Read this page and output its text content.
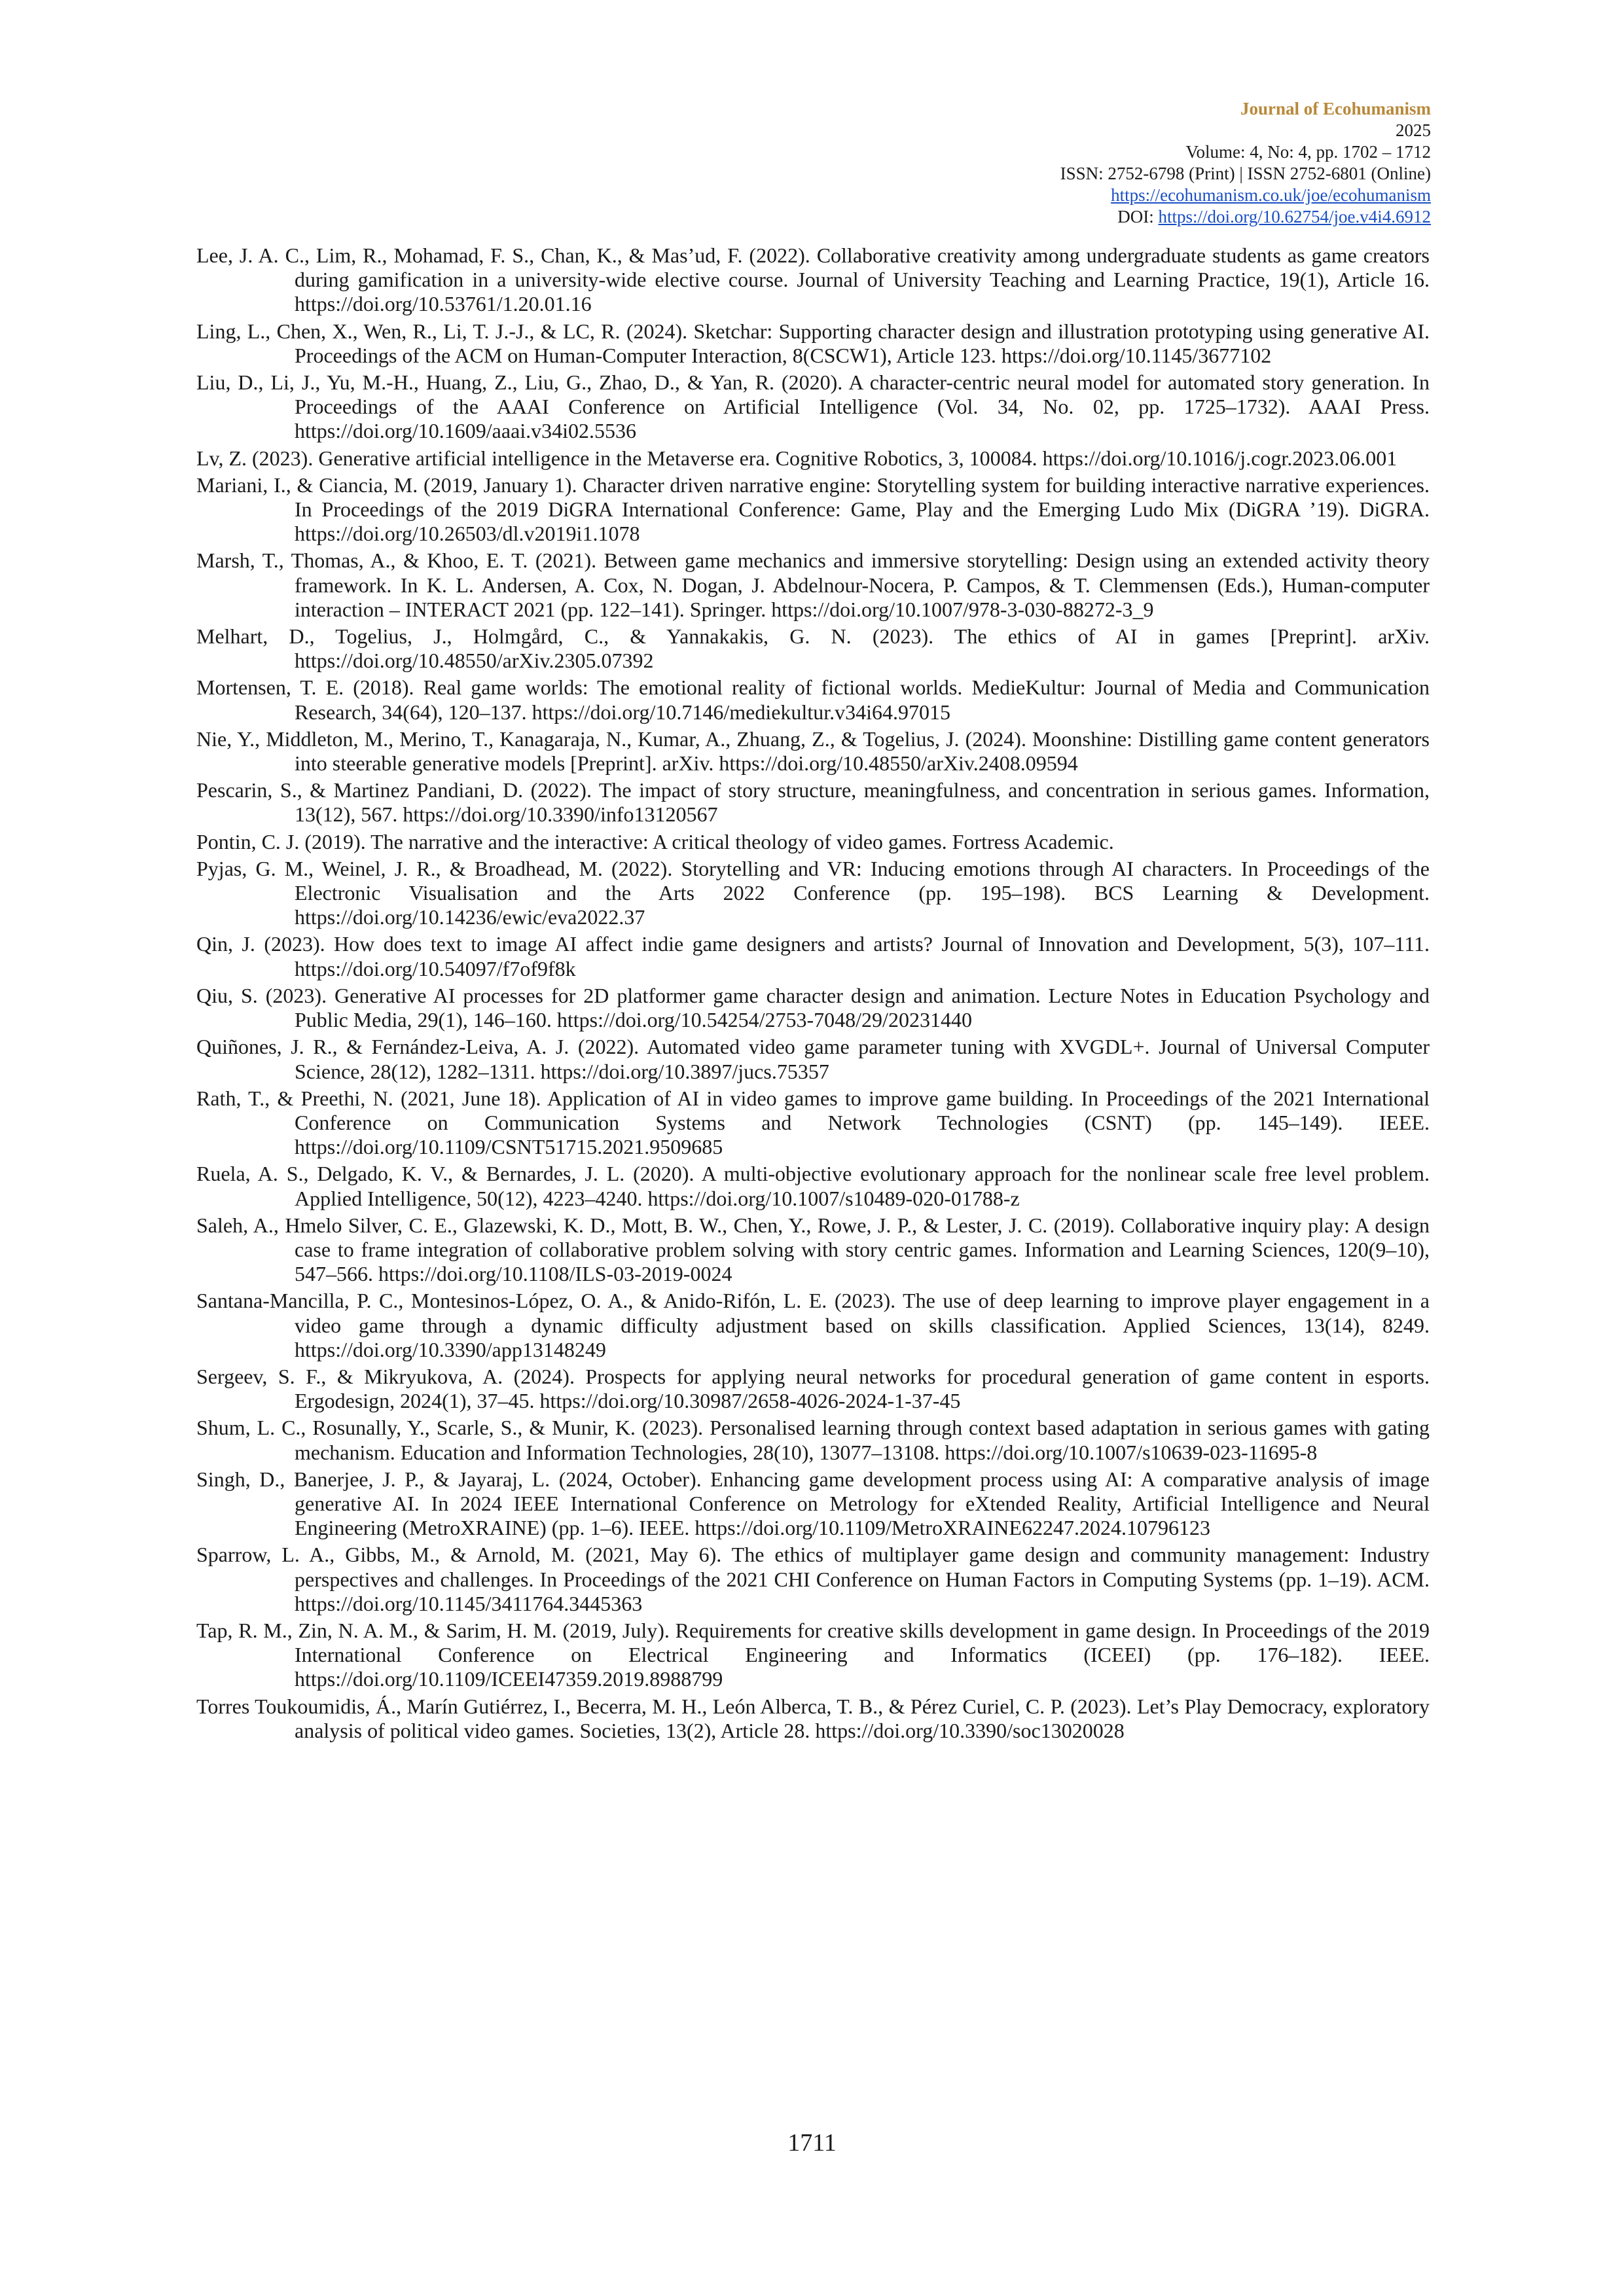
Journal of Ecohumanism
2025
Volume: 4, No: 4, pp. 1702 – 1712
ISSN: 2752-6798 (Print) | ISSN 2752-6801 (Online)
https://ecohumanism.co.uk/joe/ecohumanism
DOI: https://doi.org/10.62754/joe.v4i4.6912

Lee, J. A. C., Lim, R., Mohamad, F. S., Chan, K., & Mas’ud, F. (2022). Collaborative creativity among undergraduate students as game creators during gamification in a university-wide elective course. Journal of University Teaching and Learning Practice, 19(1), Article 16. https://doi.org/10.53761/1.20.01.16

Ling, L., Chen, X., Wen, R., Li, T. J.-J., & LC, R. (2024). Sketchar: Supporting character design and illustration prototyping using generative AI. Proceedings of the ACM on Human-Computer Interaction, 8(CSCW1), Article 123. https://doi.org/10.1145/3677102

Liu, D., Li, J., Yu, M.-H., Huang, Z., Liu, G., Zhao, D., & Yan, R. (2020). A character-centric neural model for automated story generation. In Proceedings of the AAAI Conference on Artificial Intelligence (Vol. 34, No. 02, pp. 1725–1732). AAAI Press. https://doi.org/10.1609/aaai.v34i02.5536

Lv, Z. (2023). Generative artificial intelligence in the Metaverse era. Cognitive Robotics, 3, 100084. https://doi.org/10.1016/j.cogr.2023.06.001

Mariani, I., & Ciancia, M. (2019, January 1). Character driven narrative engine: Storytelling system for building interactive narrative experiences. In Proceedings of the 2019 DiGRA International Conference: Game, Play and the Emerging Ludo Mix (DiGRA ’19). DiGRA. https://doi.org/10.26503/dl.v2019i1.1078

Marsh, T., Thomas, A., & Khoo, E. T. (2021). Between game mechanics and immersive storytelling: Design using an extended activity theory framework. In K. L. Andersen, A. Cox, N. Dogan, J. Abdelnour-Nocera, P. Campos, & T. Clemmensen (Eds.), Human-computer interaction – INTERACT 2021 (pp. 122–141). Springer. https://doi.org/10.1007/978-3-030-88272-3_9

Melhart, D., Togelius, J., Holmgård, C., & Yannakakis, G. N. (2023). The ethics of AI in games [Preprint]. arXiv. https://doi.org/10.48550/arXiv.2305.07392

Mortensen, T. E. (2018). Real game worlds: The emotional reality of fictional worlds. MedieKultur: Journal of Media and Communication Research, 34(64), 120–137. https://doi.org/10.7146/mediekultur.v34i64.97015

Nie, Y., Middleton, M., Merino, T., Kanagaraja, N., Kumar, A., Zhuang, Z., & Togelius, J. (2024). Moonshine: Distilling game content generators into steerable generative models [Preprint]. arXiv. https://doi.org/10.48550/arXiv.2408.09594

Pescarin, S., & Martinez Pandiani, D. (2022). The impact of story structure, meaningfulness, and concentration in serious games. Information, 13(12), 567. https://doi.org/10.3390/info13120567

Pontin, C. J. (2019). The narrative and the interactive: A critical theology of video games. Fortress Academic.

Pyjas, G. M., Weinel, J. R., & Broadhead, M. (2022). Storytelling and VR: Inducing emotions through AI characters. In Proceedings of the Electronic Visualisation and the Arts 2022 Conference (pp. 195–198). BCS Learning & Development. https://doi.org/10.14236/ewic/eva2022.37

Qin, J. (2023). How does text to image AI affect indie game designers and artists? Journal of Innovation and Development, 5(3), 107–111. https://doi.org/10.54097/f7of9f8k

Qiu, S. (2023). Generative AI processes for 2D platformer game character design and animation. Lecture Notes in Education Psychology and Public Media, 29(1), 146–160. https://doi.org/10.54254/2753-7048/29/20231440

Quiñones, J. R., & Fernández-Leiva, A. J. (2022). Automated video game parameter tuning with XVGDL+. Journal of Universal Computer Science, 28(12), 1282–1311. https://doi.org/10.3897/jucs.75357

Rath, T., & Preethi, N. (2021, June 18). Application of AI in video games to improve game building. In Proceedings of the 2021 International Conference on Communication Systems and Network Technologies (CSNT) (pp. 145–149). IEEE. https://doi.org/10.1109/CSNT51715.2021.9509685

Ruela, A. S., Delgado, K. V., & Bernardes, J. L. (2020). A multi-objective evolutionary approach for the nonlinear scale free level problem. Applied Intelligence, 50(12), 4223–4240. https://doi.org/10.1007/s10489-020-01788-z

Saleh, A., Hmelo Silver, C. E., Glazewski, K. D., Mott, B. W., Chen, Y., Rowe, J. P., & Lester, J. C. (2019). Collaborative inquiry play: A design case to frame integration of collaborative problem solving with story centric games. Information and Learning Sciences, 120(9–10), 547–566. https://doi.org/10.1108/ILS-03-2019-0024

Santana-Mancilla, P. C., Montesinos-López, O. A., & Anido-Rifón, L. E. (2023). The use of deep learning to improve player engagement in a video game through a dynamic difficulty adjustment based on skills classification. Applied Sciences, 13(14), 8249. https://doi.org/10.3390/app13148249

Sergeev, S. F., & Mikryukova, A. (2024). Prospects for applying neural networks for procedural generation of game content in esports. Ergodesign, 2024(1), 37–45. https://doi.org/10.30987/2658-4026-2024-1-37-45

Shum, L. C., Rosunally, Y., Scarle, S., & Munir, K. (2023). Personalised learning through context based adaptation in serious games with gating mechanism. Education and Information Technologies, 28(10), 13077–13108. https://doi.org/10.1007/s10639-023-11695-8

Singh, D., Banerjee, J. P., & Jayaraj, L. (2024, October). Enhancing game development process using AI: A comparative analysis of image generative AI. In 2024 IEEE International Conference on Metrology for eXtended Reality, Artificial Intelligence and Neural Engineering (MetroXRAINE) (pp. 1–6). IEEE. https://doi.org/10.1109/MetroXRAINE62247.2024.10796123

Sparrow, L. A., Gibbs, M., & Arnold, M. (2021, May 6). The ethics of multiplayer game design and community management: Industry perspectives and challenges. In Proceedings of the 2021 CHI Conference on Human Factors in Computing Systems (pp. 1–19). ACM. https://doi.org/10.1145/3411764.3445363

Tap, R. M., Zin, N. A. M., & Sarim, H. M. (2019, July). Requirements for creative skills development in game design. In Proceedings of the 2019 International Conference on Electrical Engineering and Informatics (ICEEI) (pp. 176–182). IEEE. https://doi.org/10.1109/ICEEI47359.2019.8988799

Torres Toukoumidis, Á., Marín Gutiérrez, I., Becerra, M. H., León Alberca, T. B., & Pérez Curiel, C. P. (2023). Let’s Play Democracy, exploratory analysis of political video games. Societies, 13(2), Article 28. https://doi.org/10.3390/soc13020028

1711
